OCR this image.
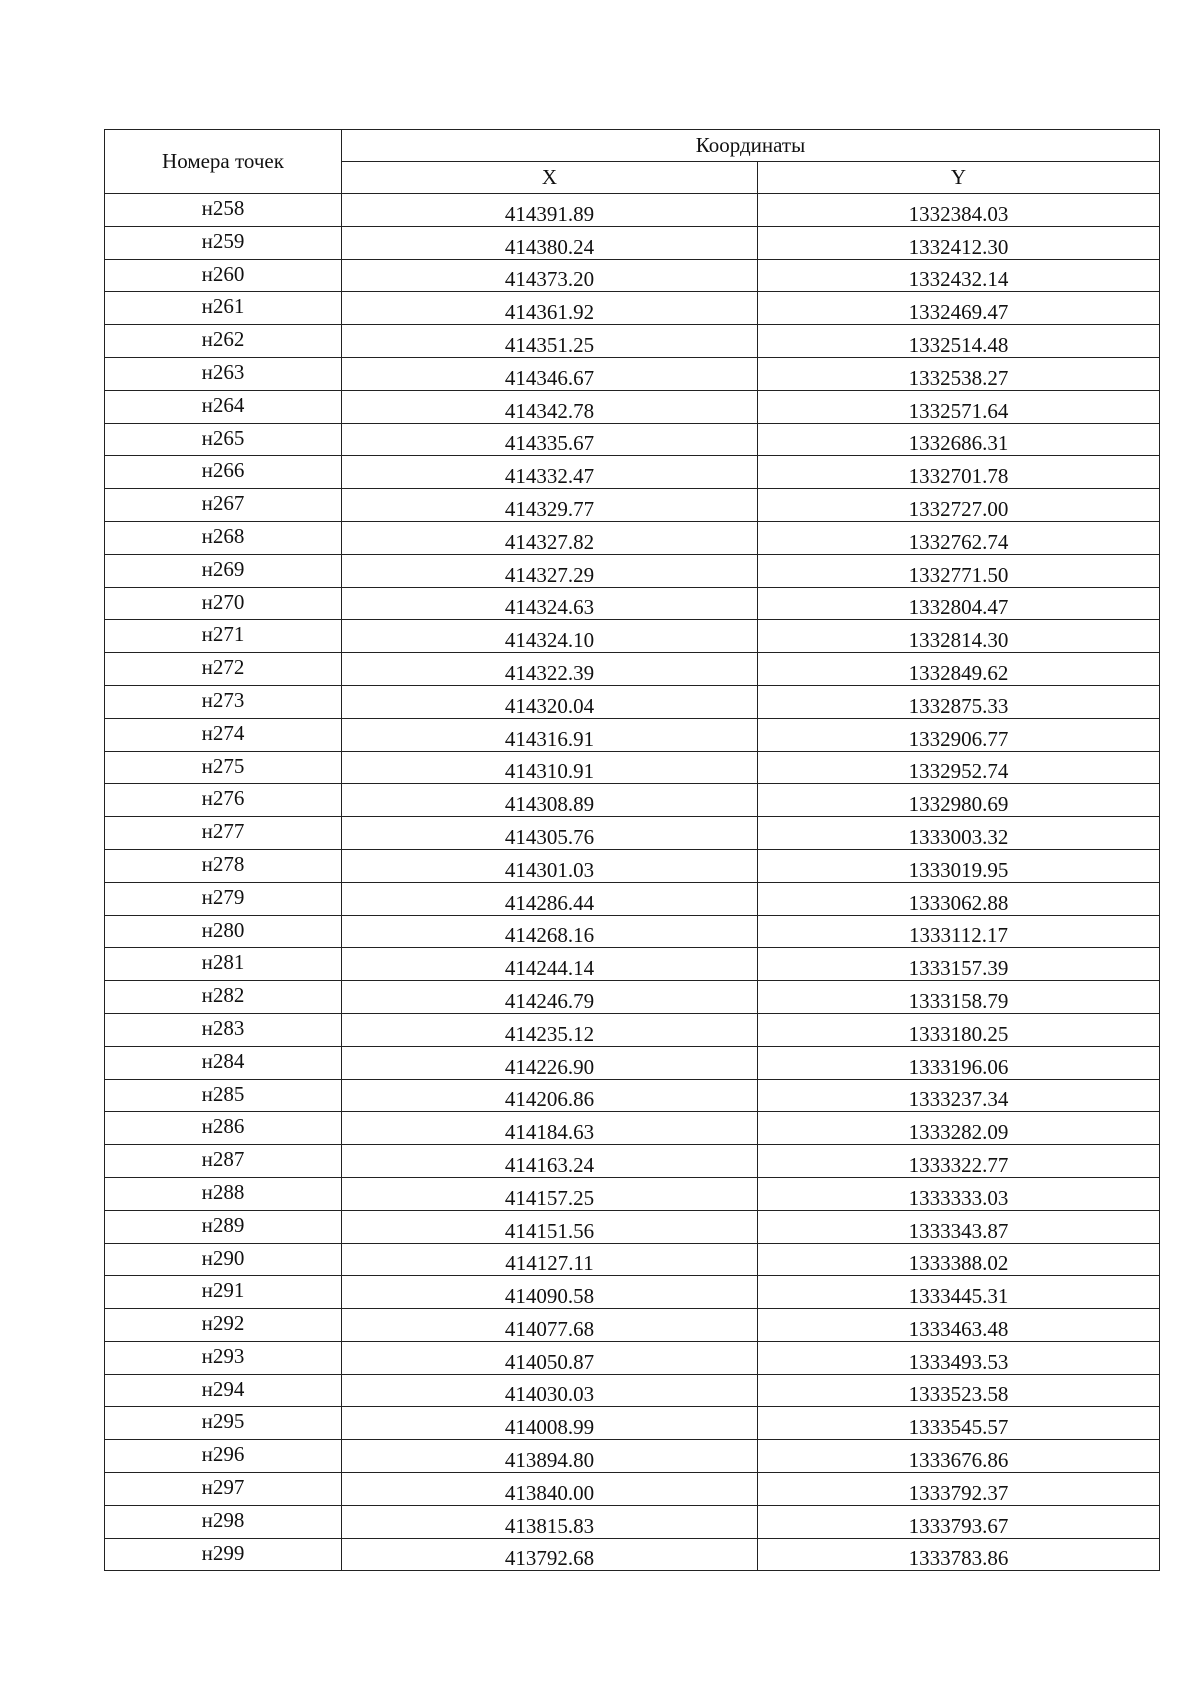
Номера точек	Координаты	
	X	Y
н258	414391.89	1332384.03
н259	414380.24	1332412.30
н260	414373.20	1332432.14
н261	414361.92	1332469.47
н262	414351.25	1332514.48
н263	414346.67	1332538.27
н264	414342.78	1332571.64
н265	414335.67	1332686.31
н266	414332.47	1332701.78
н267	414329.77	1332727.00
н268	414327.82	1332762.74
н269	414327.29	1332771.50
н270	414324.63	1332804.47
н271	414324.10	1332814.30
н272	414322.39	1332849.62
н273	414320.04	1332875.33
н274	414316.91	1332906.77
н275	414310.91	1332952.74
н276	414308.89	1332980.69
н277	414305.76	1333003.32
н278	414301.03	1333019.95
н279	414286.44	1333062.88
н280	414268.16	1333112.17
н281	414244.14	1333157.39
н282	414246.79	1333158.79
н283	414235.12	1333180.25
н284	414226.90	1333196.06
н285	414206.86	1333237.34
н286	414184.63	1333282.09
н287	414163.24	1333322.77
н288	414157.25	1333333.03
н289	414151.56	1333343.87
н290	414127.11	1333388.02
н291	414090.58	1333445.31
н292	414077.68	1333463.48
н293	414050.87	1333493.53
н294	414030.03	1333523.58
н295	414008.99	1333545.57
н296	413894.80	1333676.86
н297	413840.00	1333792.37
н298	413815.83	1333793.67
н299	413792.68	1333783.86
